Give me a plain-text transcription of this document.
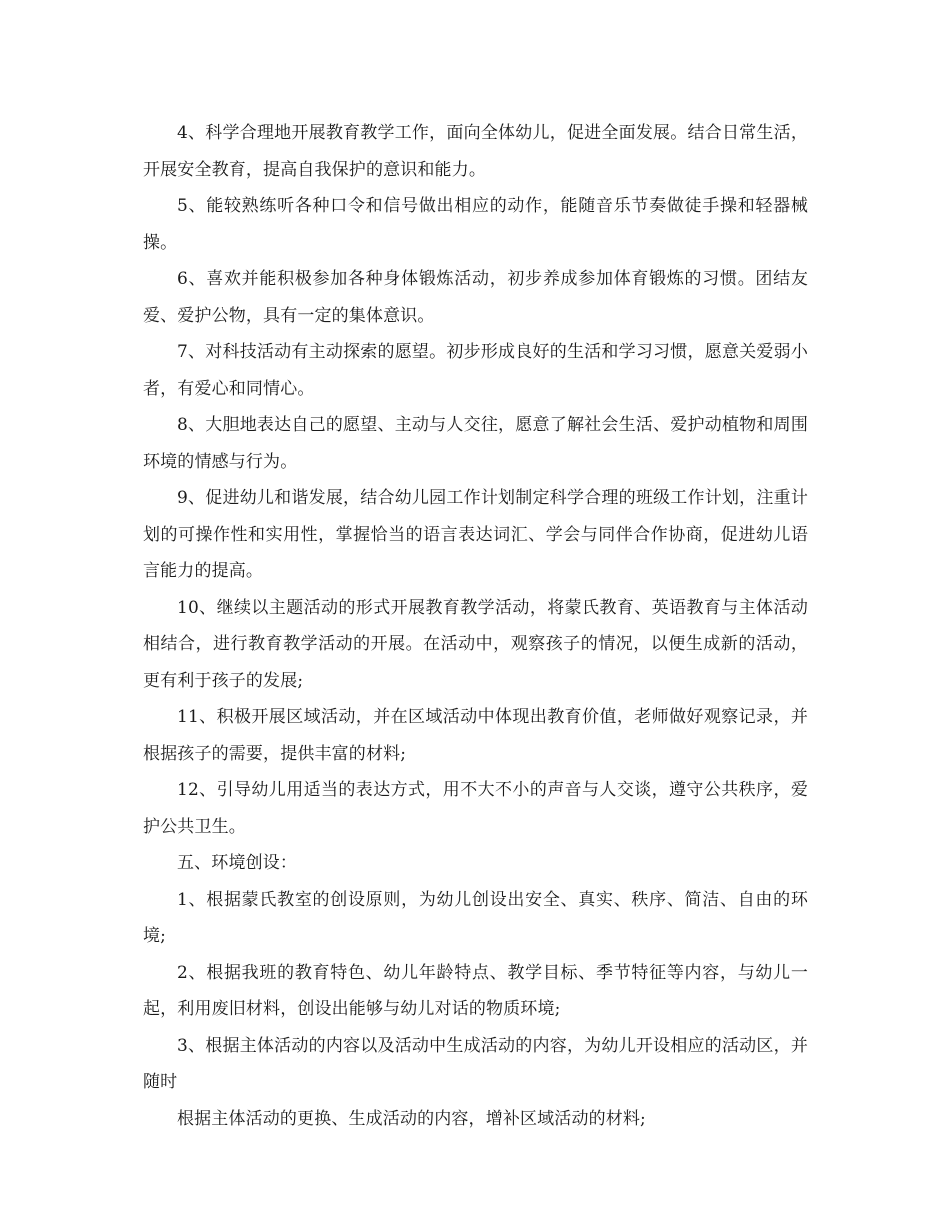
4、科学合理地开展教育教学工作，面向全体幼儿，促进全面发展。结合日常生活，开展安全教育，提高自我保护的意识和能力。

5、能较熟练听各种口令和信号做出相应的动作，能随音乐节奏做徒手操和轻器械操。

6、喜欢并能积极参加各种身体锻炼活动，初步养成参加体育锻炼的习惯。团结友爱、爱护公物，具有一定的集体意识。

7、对科技活动有主动探索的愿望。初步形成良好的生活和学习习惯，愿意关爱弱小者，有爱心和同情心。

8、大胆地表达自己的愿望、主动与人交往，愿意了解社会生活、爱护动植物和周围环境的情感与行为。

9、促进幼儿和谐发展，结合幼儿园工作计划制定科学合理的班级工作计划，注重计划的可操作性和实用性，掌握恰当的语言表达词汇、学会与同伴合作协商，促进幼儿语言能力的提高。

10、继续以主题活动的形式开展教育教学活动，将蒙氏教育、英语教育与主体活动相结合，进行教育教学活动的开展。在活动中，观察孩子的情况，以便生成新的活动，更有利于孩子的发展;

11、积极开展区域活动，并在区域活动中体现出教育价值，老师做好观察记录，并根据孩子的需要，提供丰富的材料;

12、引导幼儿用适当的表达方式，用不大不小的声音与人交谈，遵守公共秩序，爱护公共卫生。

五、环境创设：

1、根据蒙氏教室的创设原则，为幼儿创设出安全、真实、秩序、简洁、自由的环境;

2、根据我班的教育特色、幼儿年龄特点、教学目标、季节特征等内容，与幼儿一起，利用废旧材料，创设出能够与幼儿对话的物质环境;

3、根据主体活动的内容以及活动中生成活动的内容，为幼儿开设相应的活动区，并随时

根据主体活动的更换、生成活动的内容，增补区域活动的材料;
